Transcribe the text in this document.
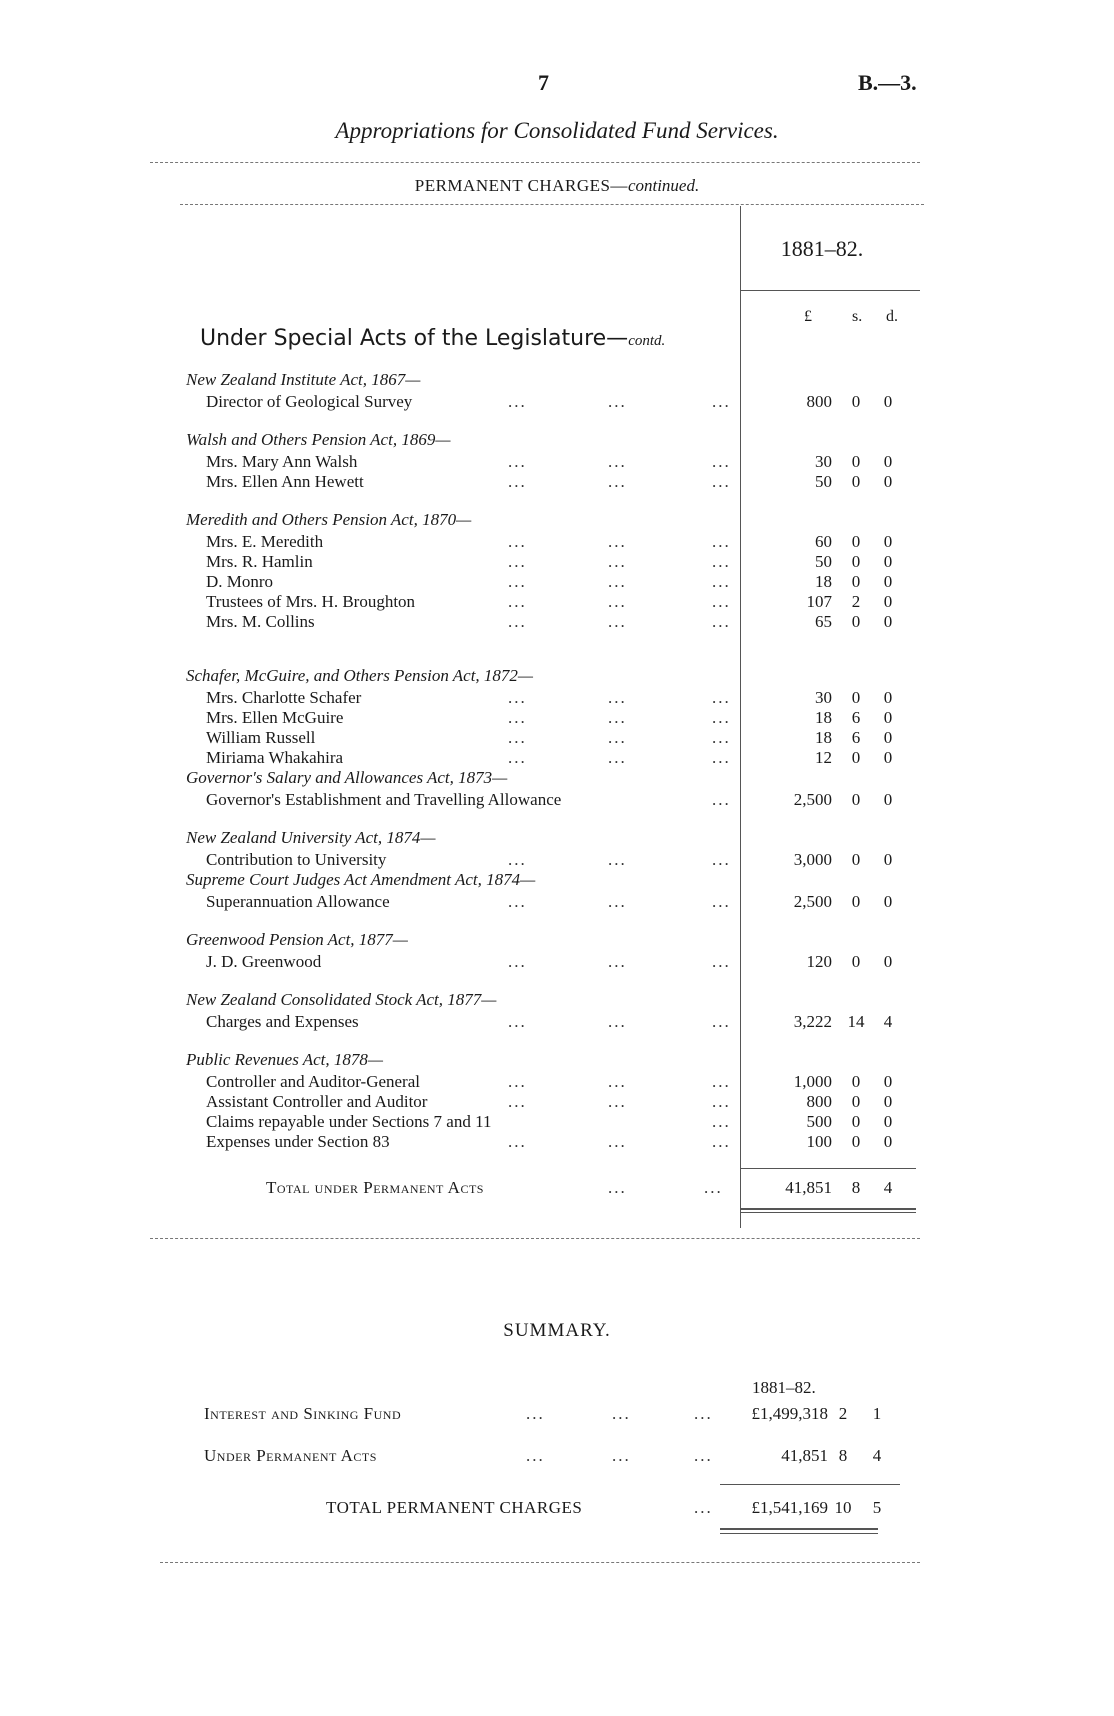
7	B.—3.
Appropriations for Consolidated Fund Services.
PERMANENT CHARGES—continued.
1881–82.
£	s. d.
Under Special Acts of the Legislature—contd.
New Zealand Institute Act, 1867—
Director of Geological Survey	...	...	...	800	0	0
Walsh and Others Pension Act, 1869—
Mrs. Mary Ann Walsh	...	...	...	30	0	0
Mrs. Ellen Ann Hewett	...	...	...	50	0	0
Meredith and Others Pension Act, 1870—
Mrs. E. Meredith	...	...	...	60	0	0
Mrs. R. Hamlin	...	...	...	50	0	0
D. Monro	...	...	...	18	0	0
Trustees of Mrs. H. Broughton	...	...	...	107	2	0
Mrs. M. Collins	...	...	...	65	0	0
Schafer, McGuire, and Others Pension Act, 1872—
Mrs. Charlotte Schafer	...	...	...	30	0	0
Mrs. Ellen McGuire	...	...	...	18	6	0
William Russell	...	...	...	18	6	0
Miriama Whakahira	...	...	...	12	0	0
Governor's Salary and Allowances Act, 1873—
Governor's Establishment and Travelling Allowance	...	2,500	0	0
New Zealand University Act, 1874—
Contribution to University	...	...	...	3,000	0	0
Supreme Court Judges Act Amendment Act, 1874—
Superannuation Allowance	...	...	...	2,500	0	0
Greenwood Pension Act, 1877—
J. D. Greenwood	...	...	...	120	0	0
New Zealand Consolidated Stock Act, 1877—
Charges and Expenses	...	...	...	3,222 14	4
Public Revenues Act, 1878—
Controller and Auditor-General	...	...	...	1,000	0	0
Assistant Controller and Auditor	...	...	...	800	0	0
Claims repayable under Sections 7 and 11	...	500	0	0
Expenses under Section 83	...	...	...	100	0	0
Total under Permanent Acts	...	...	41,851	8	4
SUMMARY.
1881–82.
Interest and Sinking Fund	...	...	... £1,499,318 2	1
Under Permanent Acts	...	...	...	41,851 8	4
TOTAL PERMANENT CHARGES	... £1,541,169 10	5
